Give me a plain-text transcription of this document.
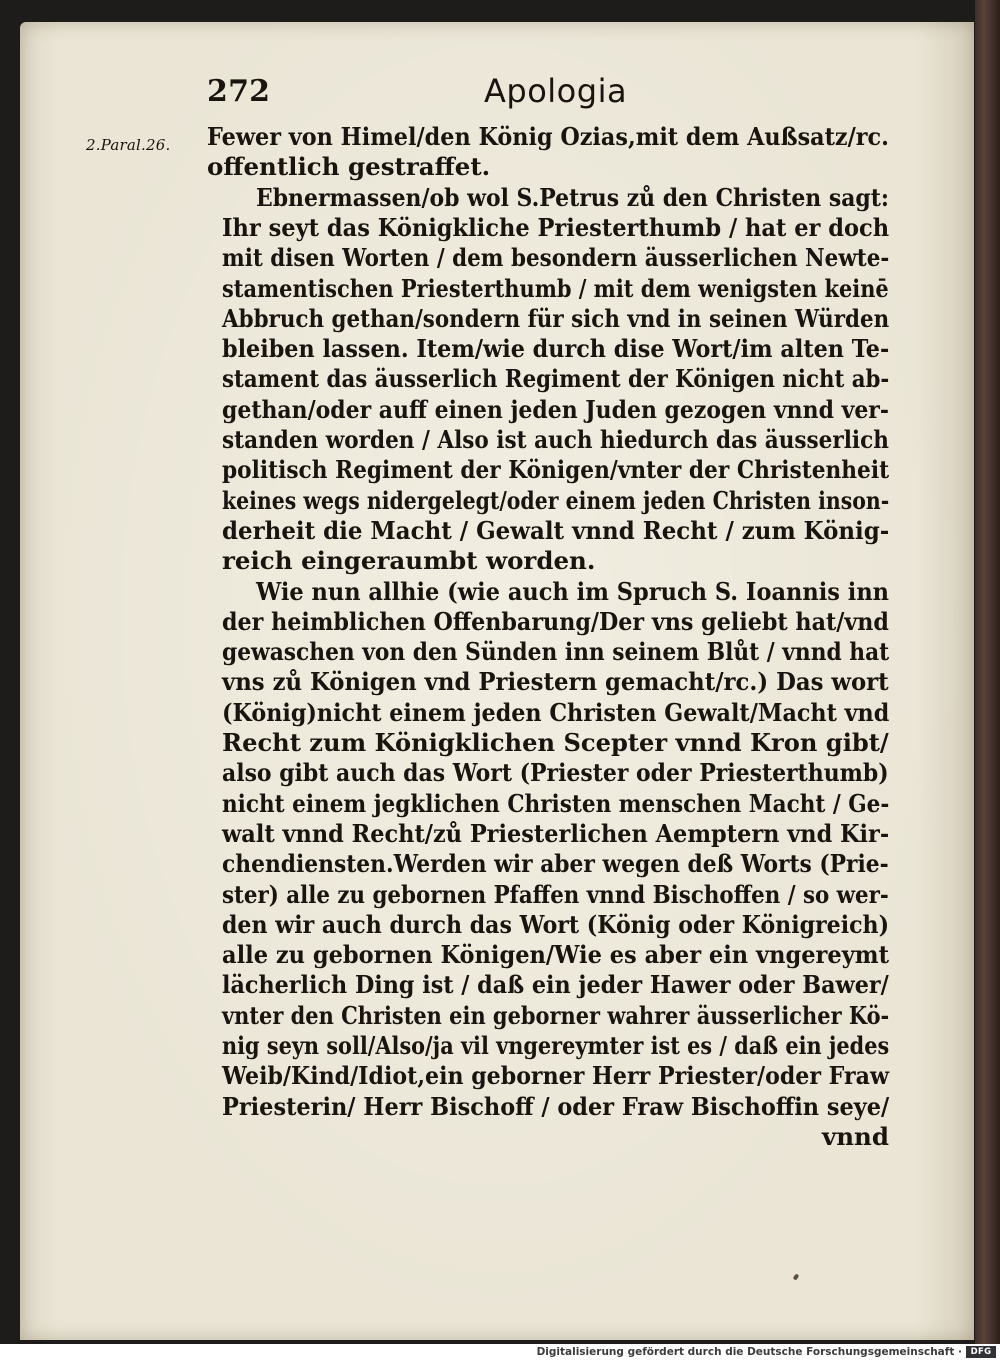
272	Apologia
2.Paral.26. Fewer von Himel/den König Ozias,mit dem Außsatz/rc.
offentlich gestraffet.
Ebnermassen/ob wol S.Petrus zů den Christen sagt:
Ihr seyt das Königkliche Priesterthumb / hat er doch
mit disen Worten / dem besondern äusserlichen Newte-
stamentischen Priesterthumb / mit dem wenigsten keinē
Abbruch gethan/sondern für sich vnd in seinen Würden
bleiben lassen. Item/wie durch dise Wort/im alten Te-
stament das äusserlich Regiment der Königen nicht ab-
gethan/oder auff einen jeden Juden gezogen vnnd ver-
standen worden / Also ist auch hiedurch das äusserlich
politisch Regiment der Königen/vnter der Christenheit
keines wegs nidergelegt/oder einem jeden Christen inson-
derheit die Macht / Gewalt vnnd Recht / zum König-
reich eingeraumbt worden.
Wie nun allhie (wie auch im Spruch S. Ioannis inn
der heimblichen Offenbarung/Der vns geliebt hat/vnd
gewaschen von den Sünden inn seinem Blůt / vnnd hat
vns zů Königen vnd Priestern gemacht/rc.) Das wort
(König)nicht einem jeden Christen Gewalt/Macht vnd
Recht zum Königklichen Scepter vnnd Kron gibt/
also gibt auch das Wort (Priester oder Priesterthumb)
nicht einem jegklichen Christen menschen Macht / Ge-
walt vnnd Recht/zů Priesterlichen Aemptern vnd Kir-
chendiensten.Werden wir aber wegen deß Worts (Prie-
ster) alle zu gebornen Pfaffen vnnd Bischoffen / so wer-
den wir auch durch das Wort (König oder Königreich)
alle zu gebornen Königen/Wie es aber ein vngereymt
lächerlich Ding ist / daß ein jeder Hawer oder Bawer/
vnter den Christen ein geborner wahrer äusserlicher Kö-
nig seyn soll/Also/ja vil vngereymter ist es / daß ein jedes
Weib/Kind/Idiot,ein geborner Herr Priester/oder Fraw
Priesterin/ Herr Bischoff / oder Fraw Bischoffin seye/
vnnd
Digitalisierung gefördert durch die Deutsche Forschungsgemeinschaft ·	DFG
